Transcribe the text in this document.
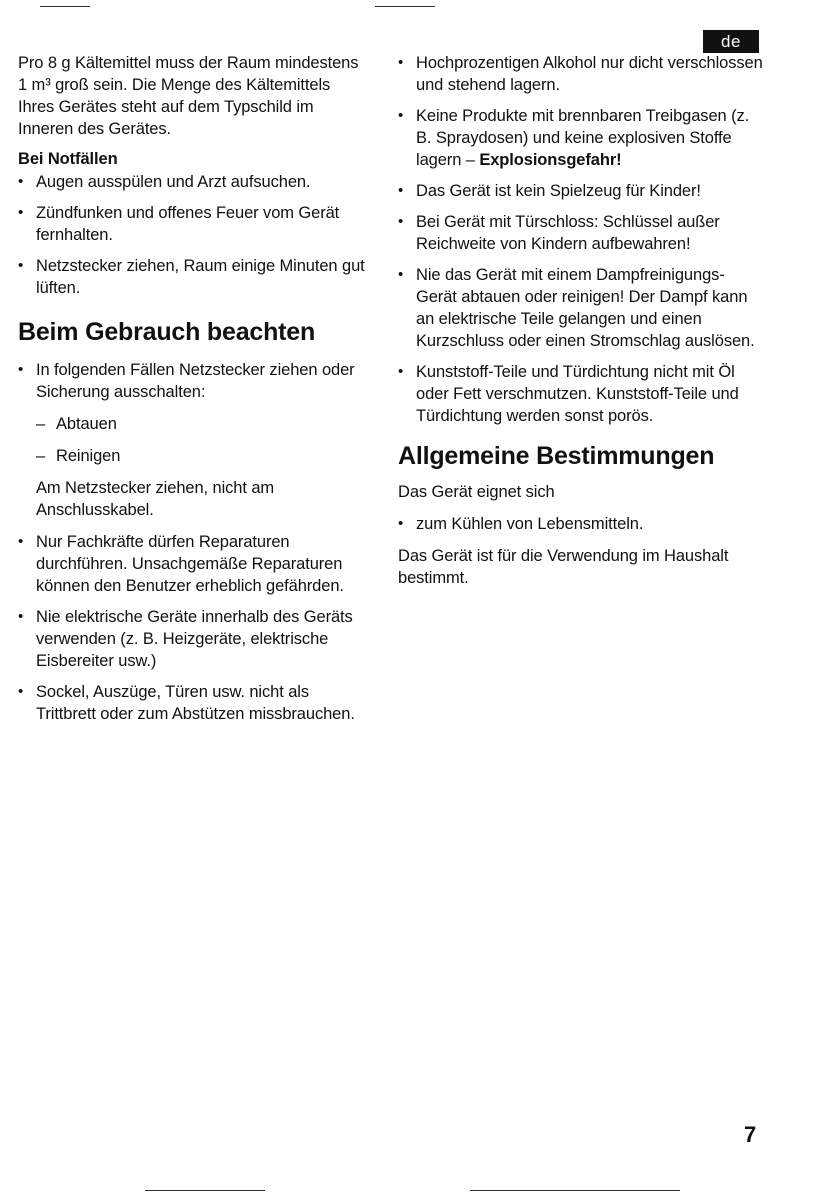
de

Pro 8 g Kältemittel muss der Raum mindestens 1 m³ groß sein. Die Menge des Kältemittels Ihres Gerätes steht auf dem Typschild im Inneren des Gerätes.

Bei Notfällen
• Augen ausspülen und Arzt aufsuchen.
• Zündfunken und offenes Feuer vom Gerät fernhalten.
• Netzstecker ziehen, Raum einige Minuten gut lüften.
Beim Gebrauch beachten
• In folgenden Fällen Netzstecker ziehen oder Sicherung ausschalten:
– Abtauen
– Reinigen

Am Netzstecker ziehen, nicht am Anschlusskabel.

• Nur Fachkräfte dürfen Reparaturen durchführen. Unsachgemäße Reparaturen können den Benutzer erheblich gefährden.
• Nie elektrische Geräte innerhalb des Geräts verwenden (z. B. Heizgeräte, elektrische Eisbereiter usw.)
• Sockel, Auszüge, Türen usw. nicht als Trittbrett oder zum Abstützen missbrauchen.
• Hochprozentigen Alkohol nur dicht verschlossen und stehend lagern.
• Keine Produkte mit brennbaren Treibgasen (z. B. Spraydosen) und keine explosiven Stoffe lagern – Explosionsgefahr!
• Das Gerät ist kein Spielzeug für Kinder!
• Bei Gerät mit Türschloss: Schlüssel außer Reichweite von Kindern aufbewahren!
• Nie das Gerät mit einem Dampfreinigungs- Gerät abtauen oder reinigen! Der Dampf kann an elektrische Teile gelangen und einen Kurzschluss oder einen Stromschlag auslösen.
• Kunststoff-Teile und Türdichtung nicht mit Öl oder Fett verschmutzen. Kunststoff-Teile und Türdichtung werden sonst porös.
Allgemeine Bestimmungen

Das Gerät eignet sich

• zum Kühlen von Lebensmitteln.

Das Gerät ist für die Verwendung im Haushalt bestimmt.

7
